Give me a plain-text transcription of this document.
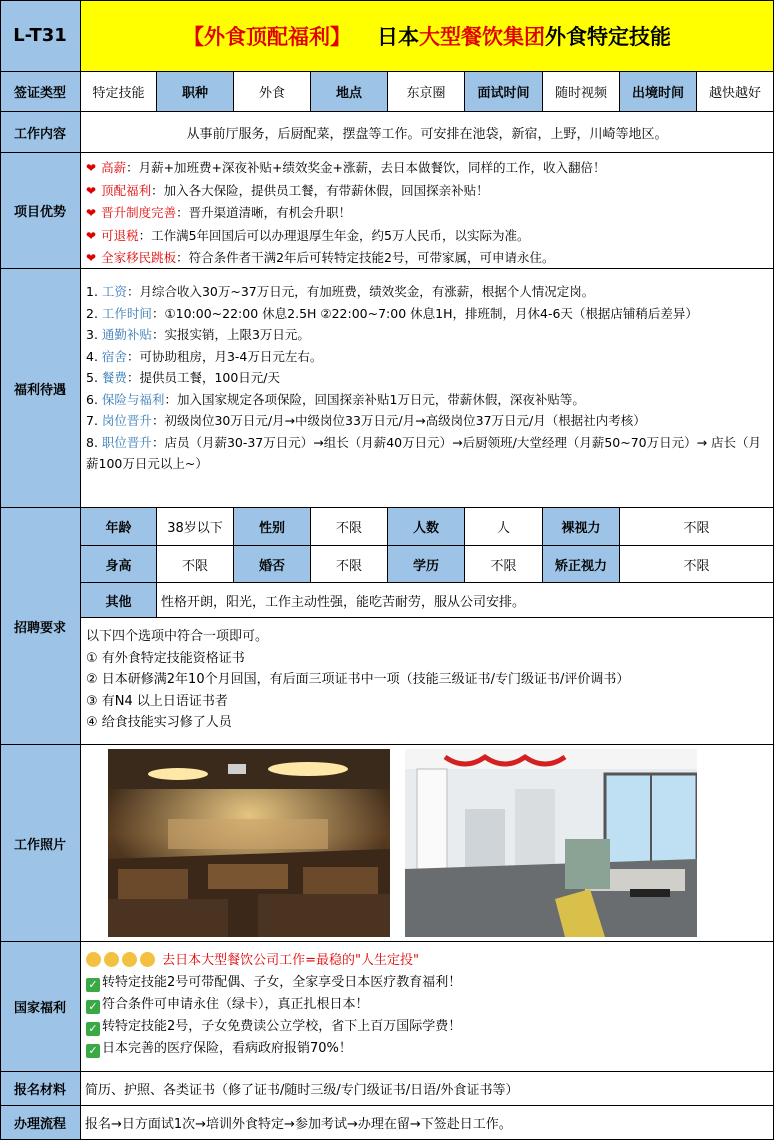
L-T31	【 外食顶配福利 】 日本 大型餐饮集团 外食特定技能
签证类型	特定技能	职种	外食	地点	东京圈	面试时间	随时视频	出境时间	越快越好
工作内容	从事前厅服务，后厨配菜，摆盘等工作。可安排在池袋，新宿，上野，川崎等地区。
项目优势
❤ 高薪：月薪+加班费+深夜补贴+绩效奖金+涨薪，去日本做餐饮，同样的工作，收入翻倍！
❤ 顶配福利：加入各大保险，提供员工餐，有带薪休假，回国探亲补贴！
❤ 晋升制度完善：晋升渠道清晰，有机会升职！
❤ 可退税：工作满5年回国后可以办理退厚生年金，约5万人民币，以实际为准。
❤ 全家移民跳板：符合条件者干满2年后可转特定技能2号，可带家属，可申请永住。
福利待遇
1. 工资：月综合收入30万~37万日元，有加班费，绩效奖金，有涨薪，根据个人情况定岗。
2. 工作时间：①10:00~22:00 休息2.5H ②22:00~7:00 休息1H，排班制，月休4-6天（根据店铺稍后差异）
3. 通勤补贴：实报实销，上限3万日元。
4. 宿舍：可协助租房，月3-4万日元左右。
5. 餐费：提供员工餐，100日元/天
6. 保险与福利：加入国家规定各项保险，回国探亲补贴1万日元，带薪休假，深夜补贴等。
7. 岗位晋升：初级岗位30万日元/月→中级岗位33万日元/月→高级岗位37万日元/月（根据社内考核）
8. 职位晋升：店员（月薪30-37万日元）→组长（月薪40万日元）→后厨领班/大堂经理（月薪50~70万日元）→ 店长（月薪100万日元以上~）
招聘要求
年龄	38岁以下	性别	不限	人数	人	裸视力	不限
身高	不限	婚否	不限	学历	不限	矫正视力	不限
其他	性格开朗，阳光，工作主动性强，能吃苦耐劳，服从公司安排。
以下四个选项中符合一项即可。
① 有外食特定技能资格证书
② 日本研修满2年10个月回国，有后面三项证书中一项（技能三级证书/专门级证书/评价调书）
③ 有N4 以上日语证书者
④ 给食技能实习修了人员
工作照片
国家福利
去日本大型餐饮公司工作=最稳的"人生定投"
✓ 转特定技能2号可带配偶、子女，全家享受日本医疗教育福利！
✓ 符合条件可申请永住（绿卡），真正扎根日本！
✓ 转特定技能2号，子女免费读公立学校，省下上百万国际学费！
✓ 日本完善的医疗保险，看病政府报销70%！
报名材料	简历、护照、各类证书（修了证书/随时三级/专门级证书/日语/外食证书等）
办理流程	报名→日方面试1次→培训外食特定→参加考试→办理在留→下签赴日工作。
